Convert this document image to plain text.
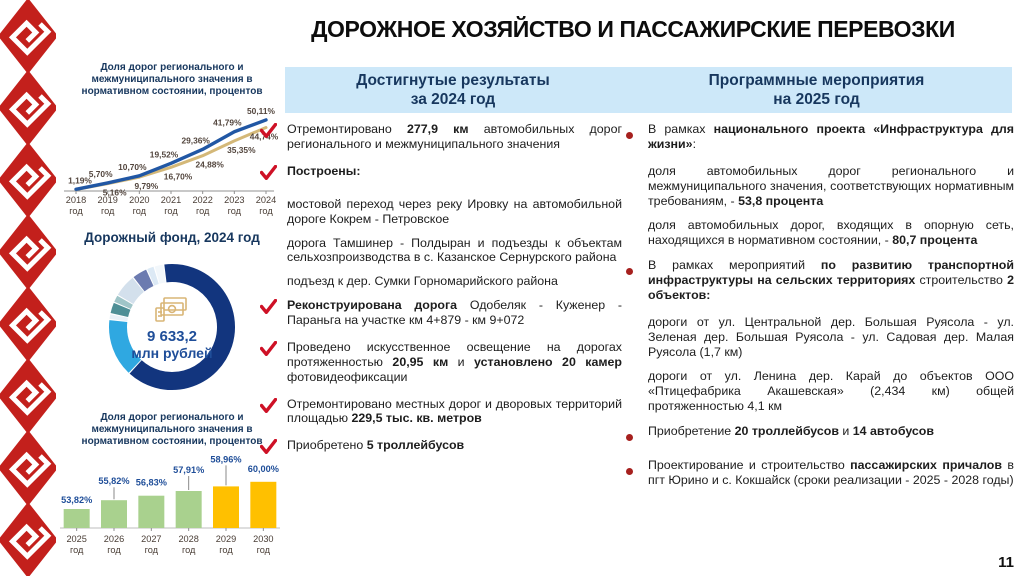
ДОРОЖНОЕ ХОЗЯЙСТВО И ПАССАЖИРСКИЕ ПЕРЕВОЗКИ
Достигнутые результаты
за 2024 год
Программные мероприятия
на 2025 год
Доля дорог регионального и межмуниципального значения в нормативном состоянии, процентов
1,19%
5,70%
10,70%
19,52%
29,36%
41,79%
50,11%
5,16%
9,79%
16,70%
24,88%
35,35%
44,74%
2018
год
2019
год
2020
год
2021
год
2022
год
2023
год
2024
год
Дорожный фонд, 2024 год
9 633,2
млн рублей
Доля дорог регионального и межмуниципального значения в нормативном состоянии, процентов
53,82%
2025
год
55,82%
2026
год
56,83%
2027
год
57,91%
2028
год
58,96%
2029
год
60,00%
2030
год
Отремонтировано 277,9 км автомобильных дорог регионального и межмуниципального значения
Построены:
мостовой переход через реку Ировку на автомобильной дороге Кокрем - Петровское
дорога Тамшинер - Полдыран и подъезды к объектам сельхозпроизводства в с. Казанское Сернурского района
подъезд к дер. Сумки Горномарийского района
Реконструирована дорога Одобеляк - Куженер - Параньга на участке км 4+879 - км 9+072
Проведено искусственное освещение на дорогах протяженностью 20,95 км и установлено 20 камер фотовидеофиксации
Отремонтировано местных дорог и дворовых территорий площадью 229,5 тыс. кв. метров
Приобретено 5 троллейбусов
В рамках национального проекта «Инфраструктура для жизни»:
доля автомобильных дорог регионального и межмуниципального значения, соответствующих нормативным требованиям, - 53,8 процента
доля автомобильных дорог, входящих в опорную сеть, находящихся в нормативном состоянии, - 80,7 процента
В рамках мероприятий по развитию транспортной инфраструктуры на сельских территориях строительство 2 объектов:
дороги от ул. Центральной дер. Большая Руясола - ул. Зеленая дер. Большая Руясола - ул. Садовая дер. Малая Руясола (1,7 км)
дороги от ул. Ленина дер. Карай до объектов ООО «Птицефабрика Акашевская» (2,434 км) общей протяженностью 4,1 км
Приобретение 20 троллейбусов и 14 автобусов
Проектирование и строительство пассажирских причалов в пгт Юрино и с. Кокшайск (сроки реализации - 2025 - 2028 годы)
11
